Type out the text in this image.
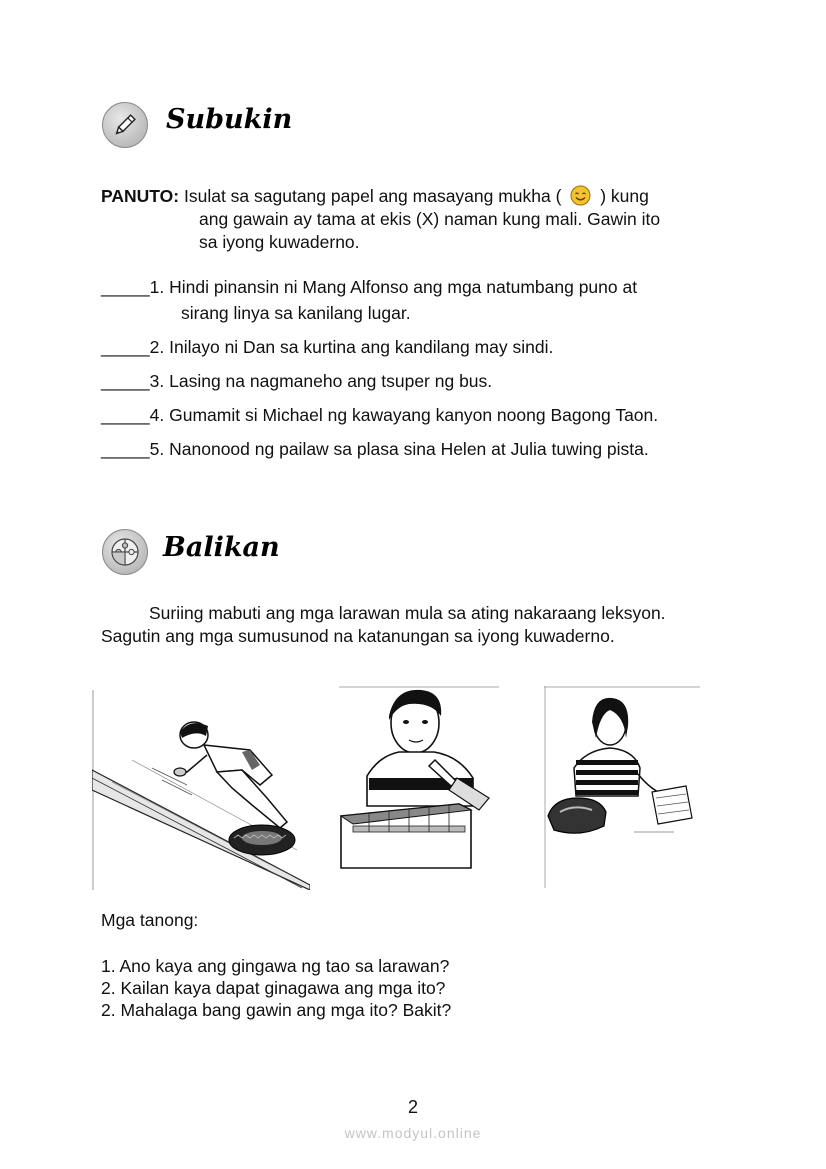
Subukin
PANUTO: Isulat sa sagutang papel ang masayang mukha ( ) kung
ang gawain ay tama at ekis (X) naman kung mali. Gawin ito
sa iyong kuwaderno.
_____1. Hindi pinansin ni Mang Alfonso ang mga natumbang puno at
sirang linya sa kanilang lugar.
_____2. Inilayo ni Dan sa kurtina ang kandilang may sindi.
_____3. Lasing na nagmaneho ang tsuper ng bus.
_____4. Gumamit si Michael ng kawayang kanyon noong Bagong Taon.
_____5. Nanonood ng pailaw sa plasa sina Helen at Julia tuwing pista.
Balikan
Suriing mabuti ang mga larawan mula sa ating nakaraang leksyon.
Sagutin ang mga sumusunod na katanungan sa iyong kuwaderno.
Mga tanong:
1. Ano kaya ang gingawa ng tao sa larawan?
2. Kailan kaya dapat ginagawa ang mga ito?
2. Mahalaga bang gawin ang mga ito? Bakit?
2
www.modyul.online
